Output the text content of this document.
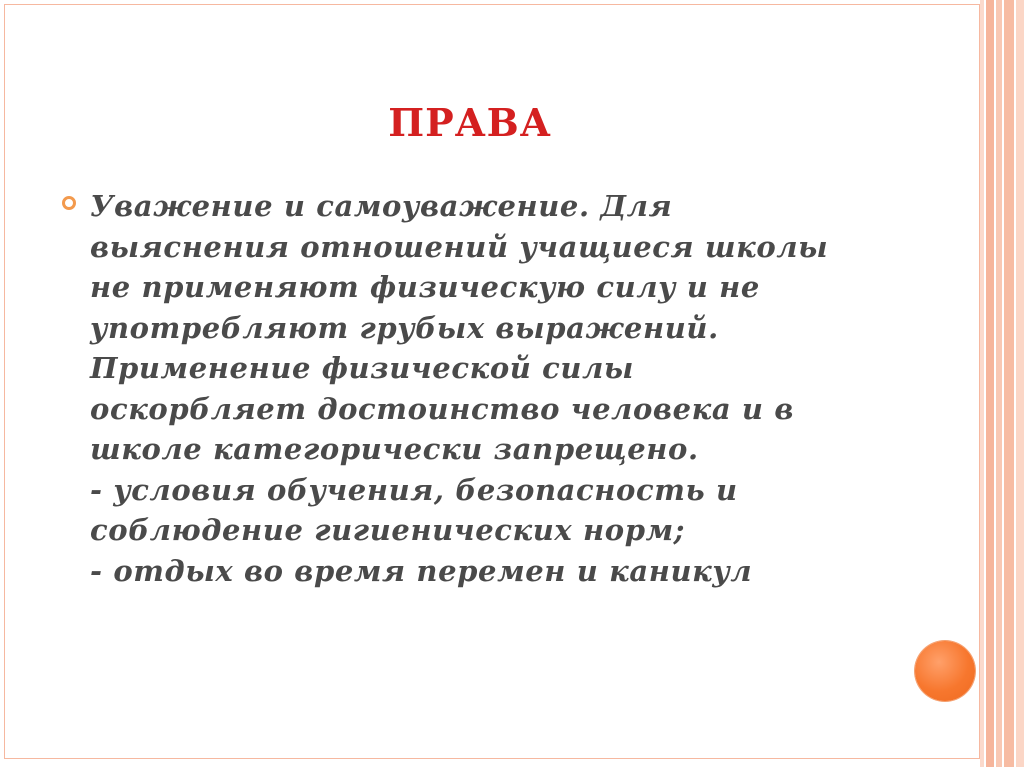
ПРАВА
Уважение и самоуважение. Для
выяснения отношений учащиеся школы
не применяют физическую силу и не
употребляют грубых выражений.
Применение физической силы
оскорбляет достоинство человека и в
школе категорически запрещено.
- условия обучения, безопасность и
соблюдение гигиенических норм;
- отдых во время перемен и каникул
